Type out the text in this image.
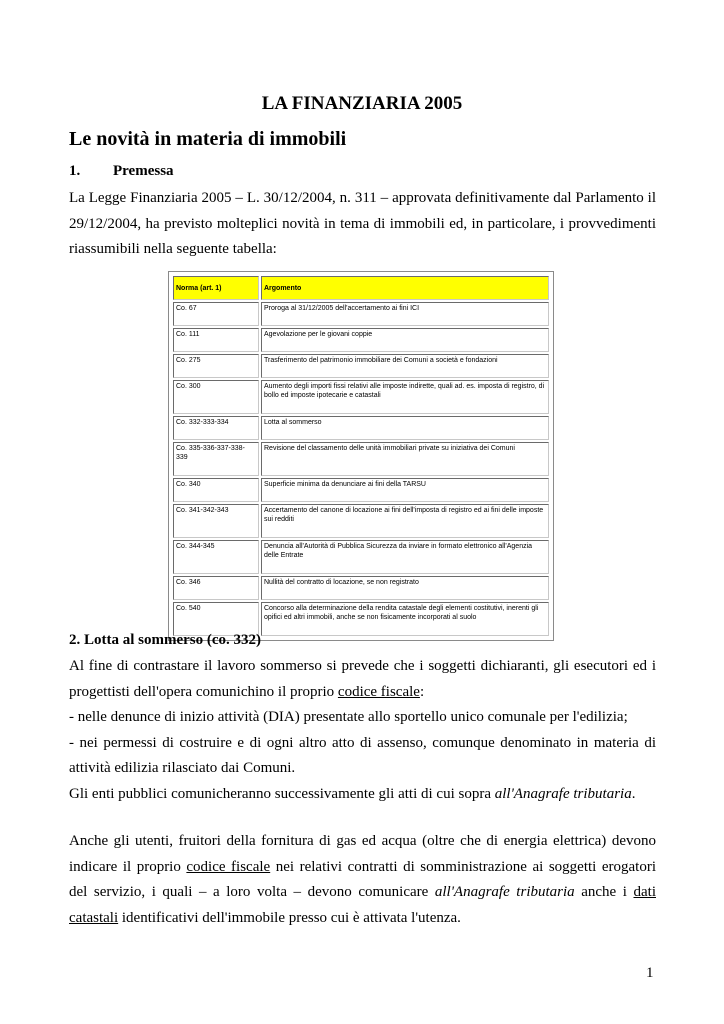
LA FINANZIARIA 2005
Le novità in materia di immobili
1. Premessa
La Legge Finanziaria 2005 – L. 30/12/2004, n. 311 – approvata definitivamente dal Parlamento il 29/12/2004, ha previsto molteplici novità in tema di immobili ed, in particolare, i provvedimenti riassumibili nella seguente tabella:
Norma (art. 1)	Argomento
Co. 67	Proroga al 31/12/2005 dell'accertamento ai fini ICI
Co. 111	Agevolazione per le giovani coppie
Co. 275	Trasferimento del patrimonio immobiliare dei Comuni a società e fondazioni
Co. 300	Aumento degli importi fissi relativi alle imposte indirette, quali ad. es. imposta di registro, di bollo ed imposte ipotecarie e catastali
Co. 332-333-334	Lotta al sommerso
Co. 335-336-337-338-339	Revisione del classamento delle unità immobiliari private su iniziativa dei Comuni
Co. 340	Superficie minima da denunciare ai fini della TARSU
Co. 341-342-343	Accertamento del canone di locazione ai fini dell'imposta di registro ed ai fini delle imposte sui redditi
Co. 344-345	Denuncia all'Autorità di Pubblica Sicurezza da inviare in formato elettronico all'Agenzia delle Entrate
Co. 346	Nullità del contratto di locazione, se non registrato
Co. 540	Concorso alla determinazione della rendita catastale degli elementi costitutivi, inerenti gli opifici ed altri immobili, anche se non fisicamente incorporati al suolo
2. Lotta al sommerso (co. 332)
Al fine di contrastare il lavoro sommerso si prevede che i soggetti dichiaranti, gli esecutori ed i progettisti dell'opera comunichino il proprio codice fiscale:
- nelle denunce di inizio attività (DIA) presentate allo sportello unico comunale per l'edilizia;
- nei permessi di costruire e di ogni altro atto di assenso, comunque denominato in materia di attività edilizia rilasciato dai Comuni.
Gli enti pubblici comunicheranno successivamente gli atti di cui sopra all'Anagrafe tributaria.
Anche gli utenti, fruitori della fornitura di gas ed acqua (oltre che di energia elettrica) devono indicare il proprio codice fiscale nei relativi contratti di somministrazione ai soggetti erogatori del servizio, i quali – a loro volta – devono comunicare all'Anagrafe tributaria anche i dati catastali identificativi dell'immobile presso cui è attivata l'utenza.
1
